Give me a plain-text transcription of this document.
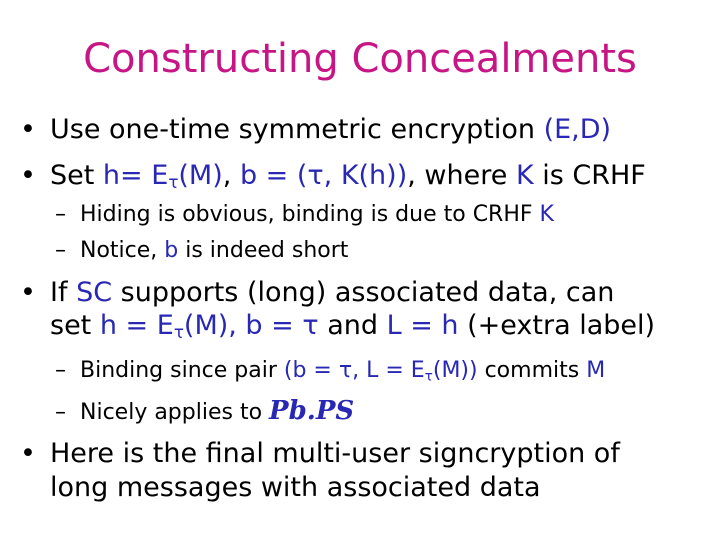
Constructing Concealments
• Use one-time symmetric encryption (E,D)
• Set $h= E_\tau(M)$, b = (τ, K(h)), where K is CRHF
– Hiding is obvious, binding is due to CRHF K
– Notice, b is indeed short
• If SC supports (long) associated data, can
set $h = E_\tau(M)$, b = τ and L = h (+extra label)
– Binding since pair (b = τ, $L = E_\tau(M)$) commits M
– Nicely applies to Pb.PS
• Here is the final multi-user signcryption of
long messages with associated data
